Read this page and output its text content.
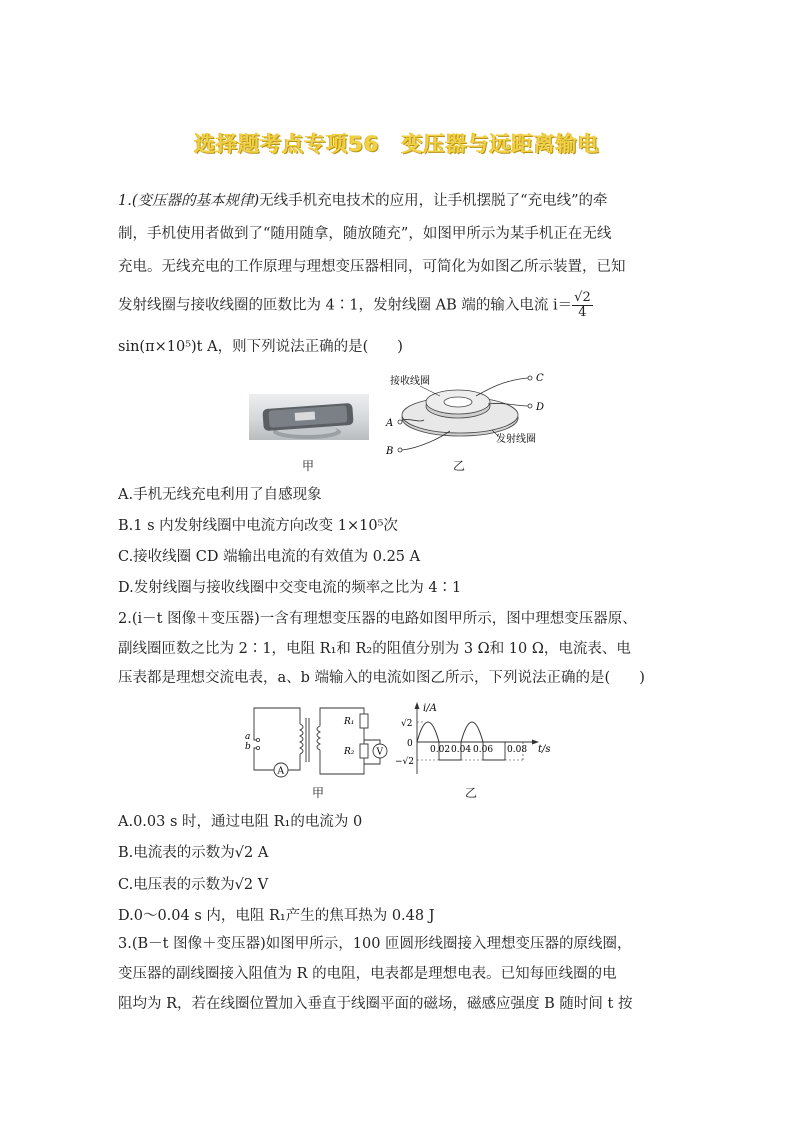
选择题考点专项56　变压器与远距离输电
1.(变压器的基本规律)无线手机充电技术的应用，让手机摆脱了“充电线”的牵
制，手机使用者做到了“随用随拿，随放随充”，如图甲所示为某手机正在无线
充电。无线充电的工作原理与理想变压器相同，可简化为如图乙所示装置，已知
发射线圈与接收线圈的匝数比为 4∶1，发射线圈 AB 端的输入电流 $i= \frac{√2}{4}$
sin(π×10⁵)t A，则下列说法正确的是(　　)
甲
接收线圈	C
D
A
B
发射线圈
乙
A.手机无线充电利用了自感现象
B.1 s 内发射线圈中电流方向改变 1×10⁵次
C.接收线圈 CD 端输出电流的有效值为 0.25 A
D.发射线圈与接收线圈中交变电流的频率之比为 4∶1
2.(i－t 图像＋变压器)一含有理想变压器的电路如图甲所示，图中理想变压器原、
副线圈匝数之比为 2∶1，电阻 R₁和 R₂的阻值分别为 3 Ω和 10 Ω，电流表、电
压表都是理想交流电表，a、b 端输入的电流如图乙所示，下列说法正确的是(　　)
A
a
b
R₁
R₂ V
甲
i/A
t/s
√2
−√2
0
0.02 0.04 0.06 0.08
乙
A.0.03 s 时，通过电阻 R₁的电流为 0
B.电流表的示数为√2 A
C.电压表的示数为√2 V
D.0～0.04 s 内，电阻 R₁产生的焦耳热为 0.48 J
3.(B－t 图像＋变压器)如图甲所示，100 匝圆形线圈接入理想变压器的原线圈，
变压器的副线圈接入阻值为 R 的电阻，电表都是理想电表。已知每匝线圈的电
阻均为 R，若在线圈位置加入垂直于线圈平面的磁场，磁感应强度 B 随时间 t 按
